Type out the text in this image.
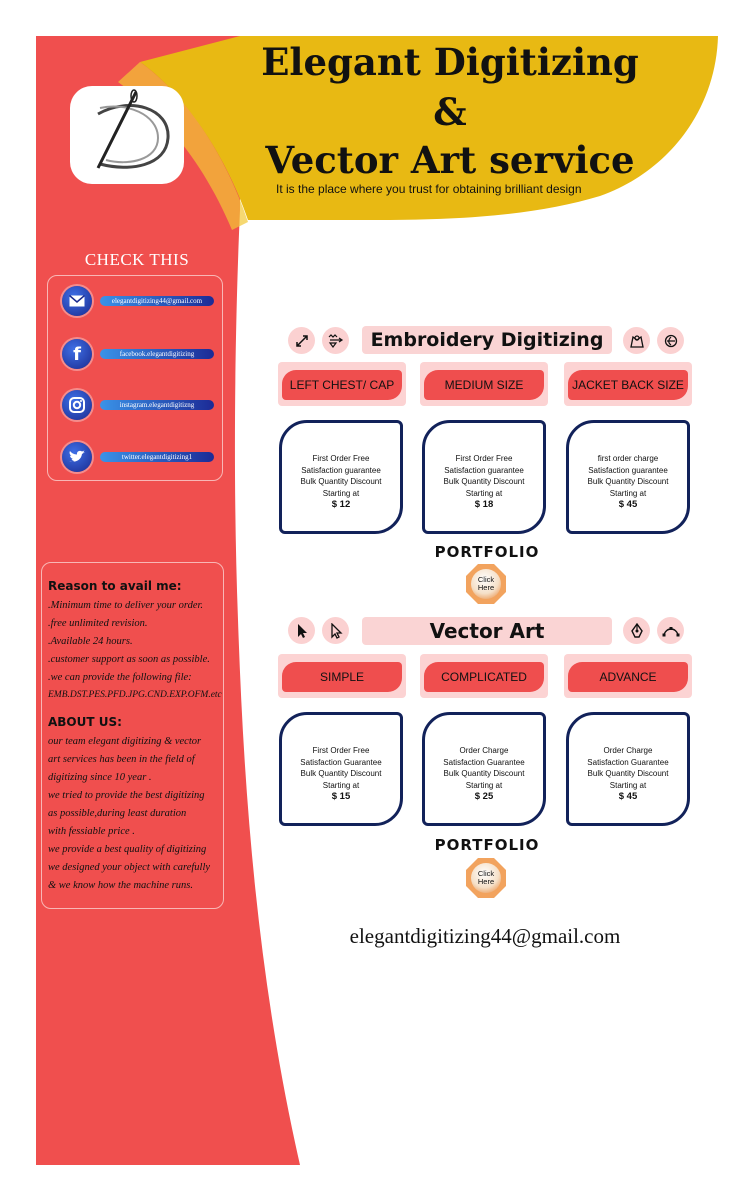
Elegant Digitizing
&
Vector Art service
It is the place where you trust for obtaining brilliant design
CHECK THIS
elegantdigitizing44@gmail.com
f	facebook.elegantdigitizing
instagram.elegantdigitizng
twitter.elegantdigitizing1
Reason to avail me:
.Minimum time to deliver your order.
.free unlimited revision.
.Available 24 hours.
.customer support as soon as possible.
.we can provide the following file:
EMB.DST.PES.PFD.JPG.CND.EXP.OFM.etc
ABOUT US:
our team elegant digitizing & vector
art services has been in the field of
digitizing since 10 year .
we tried to provide the best digitizing
as possible,during least duration
with fessiable price .
we provide a best quality of digitizing
we designed your object with carefully
& we know how the machine runs.
Embroidery Digitizing
LEFT CHEST/ CAP	MEDIUM SIZE	JACKET BACK SIZE
First Order Free
Satisfaction guarantee
Bulk Quantity Discount
Starting at
$ 12
First Order Free
Satisfaction guarantee
Bulk Quantity Discount
Starting at
$ 18
first order charge
Satisfaction guarantee
Bulk Quantity Discount
Starting at
$ 45
PORTFOLIO
Click
Here
Vector Art
SIMPLE	COMPLICATED	ADVANCE
First Order Free
Satisfaction Guarantee
Bulk Quantity Discount
Starting at
$ 15
Order Charge
Satisfaction Guarantee
Bulk Quantity Discount
Starting at
$ 25
Order Charge
Satisfaction Guarantee
Bulk Quantity Discount
Starting at
$ 45
PORTFOLIO
Click
Here
elegantdigitizing44@gmail.com
